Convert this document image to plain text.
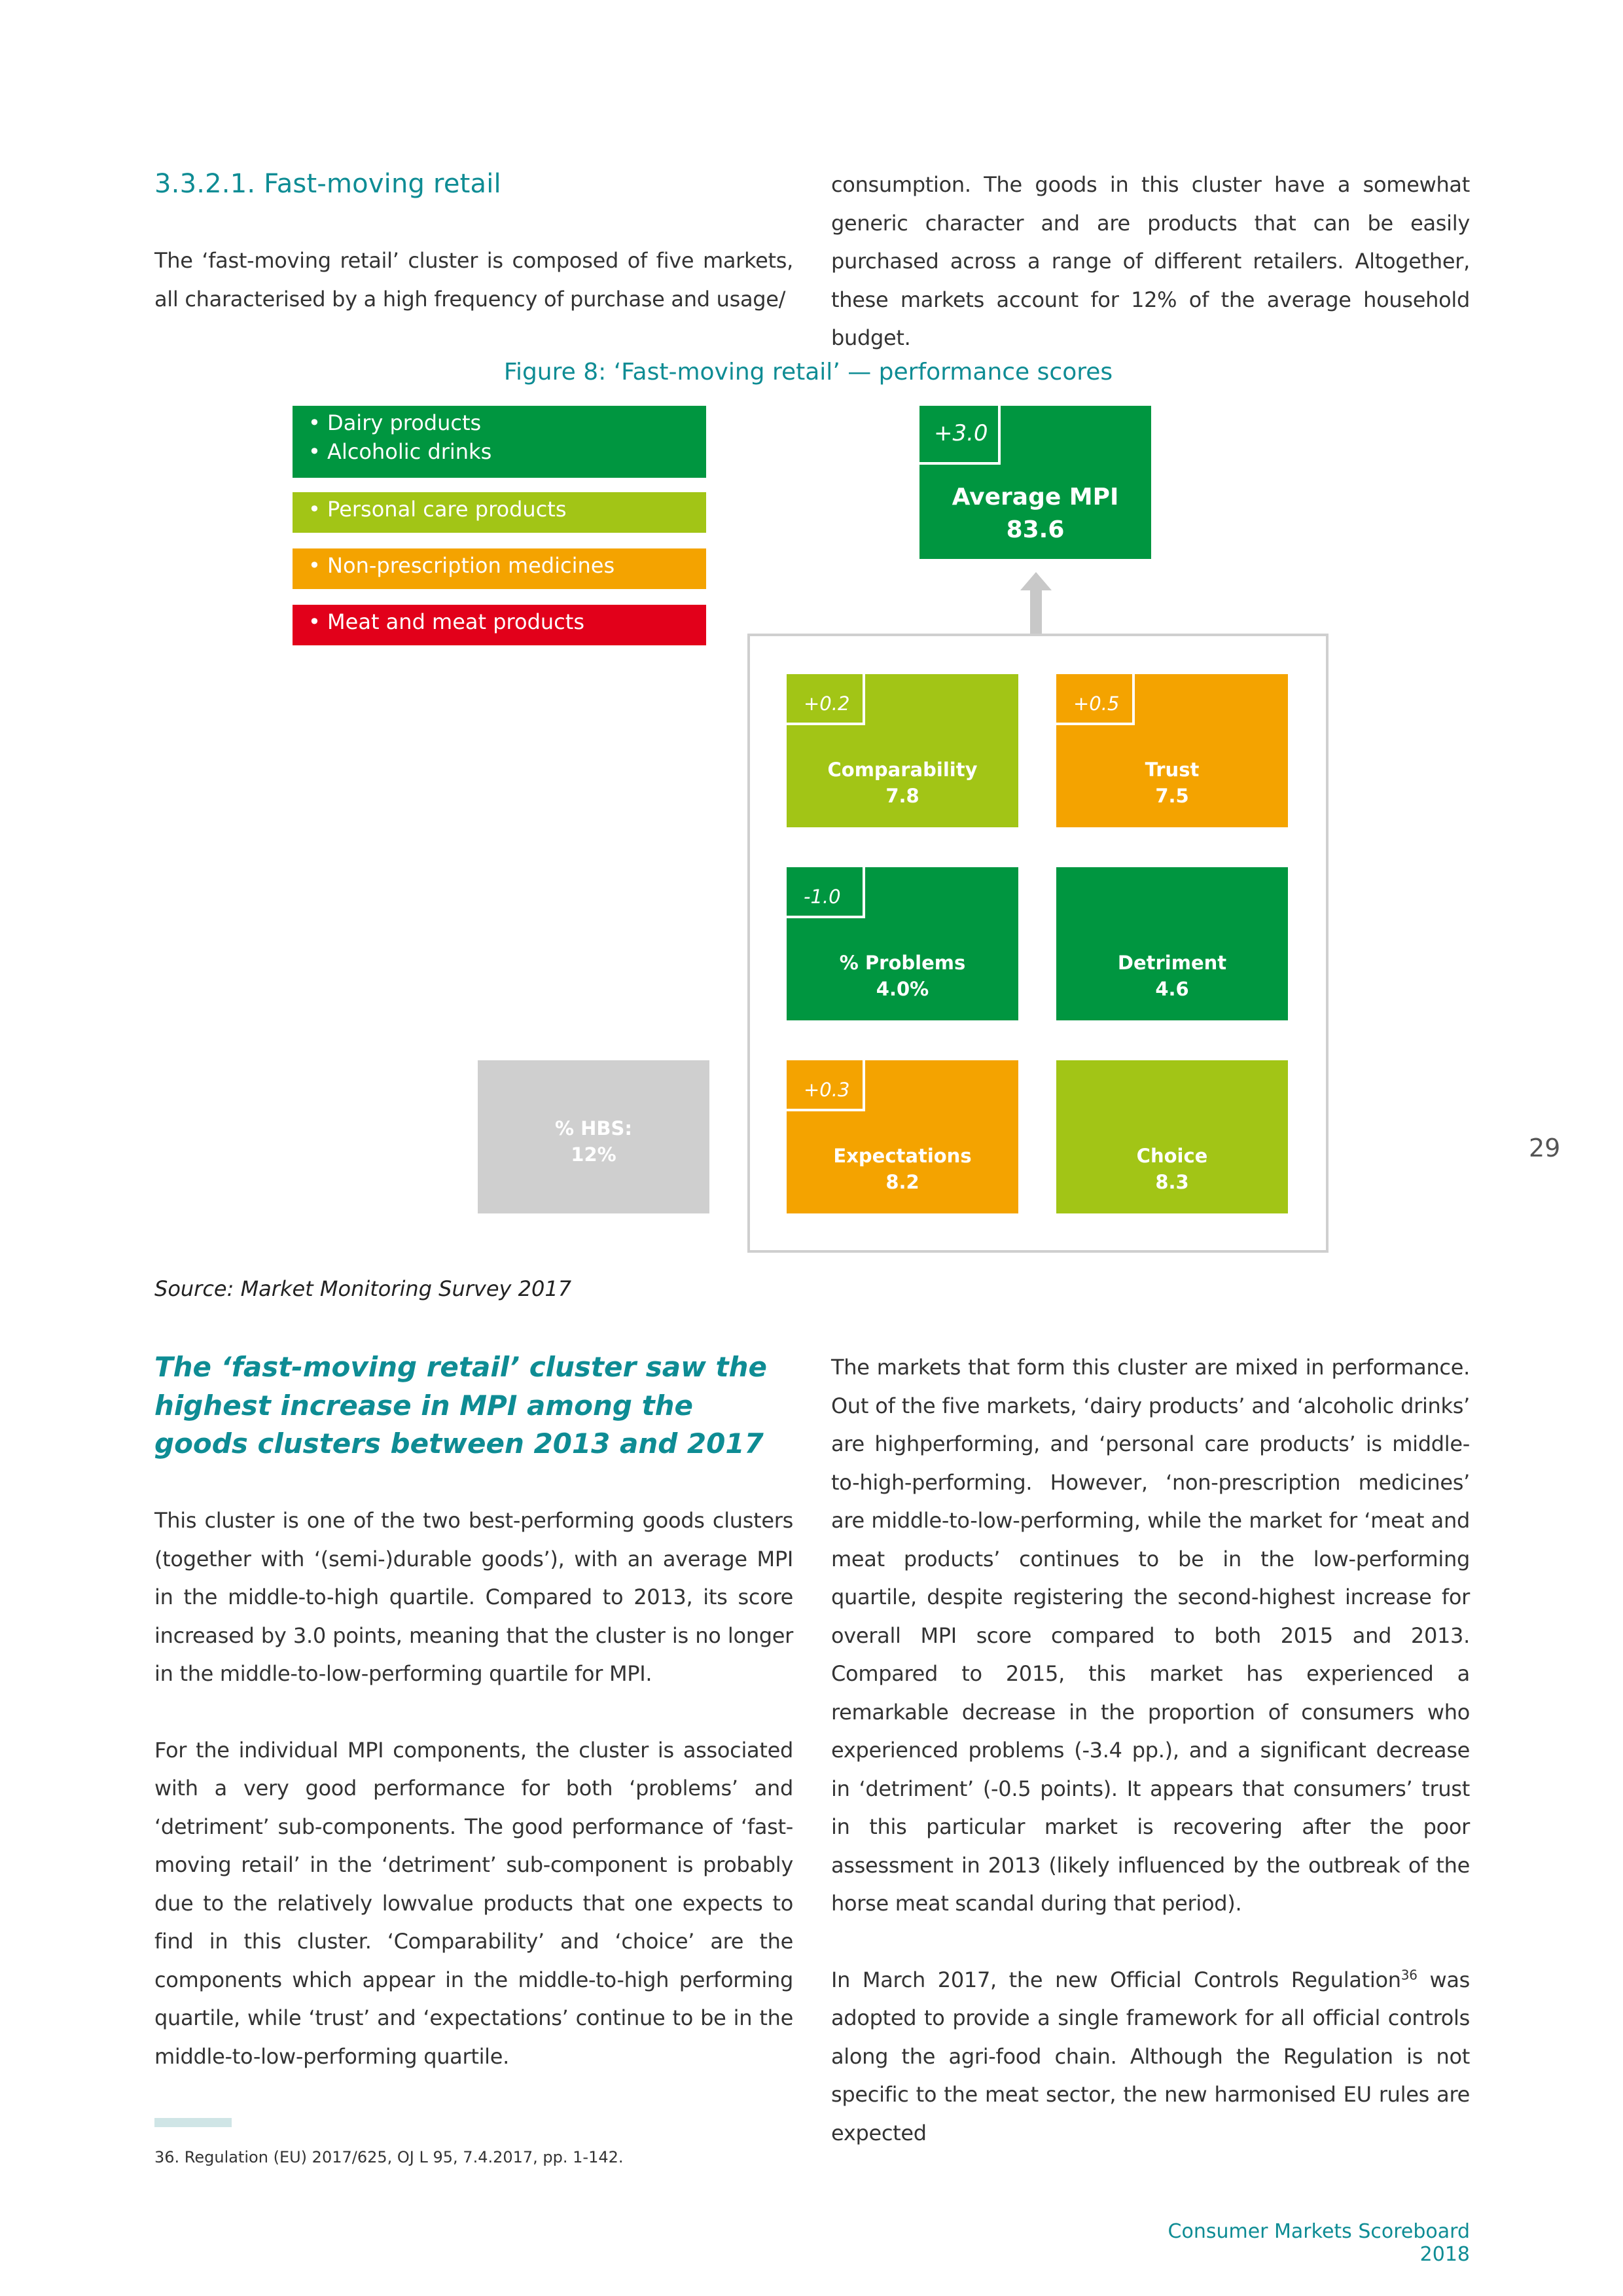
3.3.2.1. Fast-moving retail

The ‘fast-moving retail’ cluster is composed of five markets, all characterised by a high frequency of purchase and usage/

consumption. The goods in this cluster have a somewhat generic character and are products that can be easily purchased across a range of different retailers. Altogether, these markets account for 12% of the average household budget.

Figure 8: ‘Fast-moving retail’ — performance scores
• Dairy products
• Alcoholic drinks
• Personal care products
• Non-prescription medicines
• Meat and meat products
+3.0
Average MPI
83.6
+0.2
Comparability
7.8
+0.5
Trust
7.5
-1.0
% Problems
4.0%
Detriment
4.6
% HBS:
12%
+0.3
Expectations
8.2
Choice
8.3
29
Source: Market Monitoring Survey 2017
The ‘fast-moving retail’ cluster saw the highest increase in MPI among the goods clusters between 2013 and 2017

This cluster is one of the two best-performing goods clusters (together with ‘(semi-)durable goods’), with an average MPI in the middle-to-high quartile. Compared to 2013, its score increased by 3.0 points, meaning that the cluster is no longer in the middle-to-low-performing quartile for MPI.

For the individual MPI components, the cluster is associated with a very good performance for both ‘problems’ and ‘detriment’ sub-components. The good performance of ‘fast-moving retail’ in the ‘detriment’ sub-component is probably due to the relatively lowvalue products that one expects to find in this cluster. ‘Comparability’ and ‘choice’ are the components which appear in the middle-to-high performing quartile, while ‘trust’ and ‘expectations’ continue to be in the middle-to-low-performing quartile.

The markets that form this cluster are mixed in performance. Out of the five markets, ‘dairy products’ and ‘alcoholic drinks’ are highperforming, and ‘personal care products’ is middle-to-high-performing. However, ‘non-prescription medicines’ are middle-to-low-performing, while the market for ‘meat and meat products’ continues to be in the low-performing quartile, despite registering the second-highest increase for overall MPI score compared to both 2015 and 2013. Compared to 2015, this market has experienced a remarkable decrease in the proportion of consumers who experienced problems (-3.4 pp.), and a significant decrease in ‘detriment’ (-0.5 points). It appears that consumers’ trust in this particular market is recovering after the poor assessment in 2013 (likely influenced by the outbreak of the horse meat scandal during that period).

In March 2017, the new Official Controls Regulation$^{36}$ was adopted to provide a single framework for all official controls along the agri-food chain. Although the Regulation is not specific to the meat sector, the new harmonised EU rules are expected

36. Regulation (EU) 2017/625, OJ L 95, 7.4.2017, pp. 1-142.
Consumer Markets Scoreboard 2018
